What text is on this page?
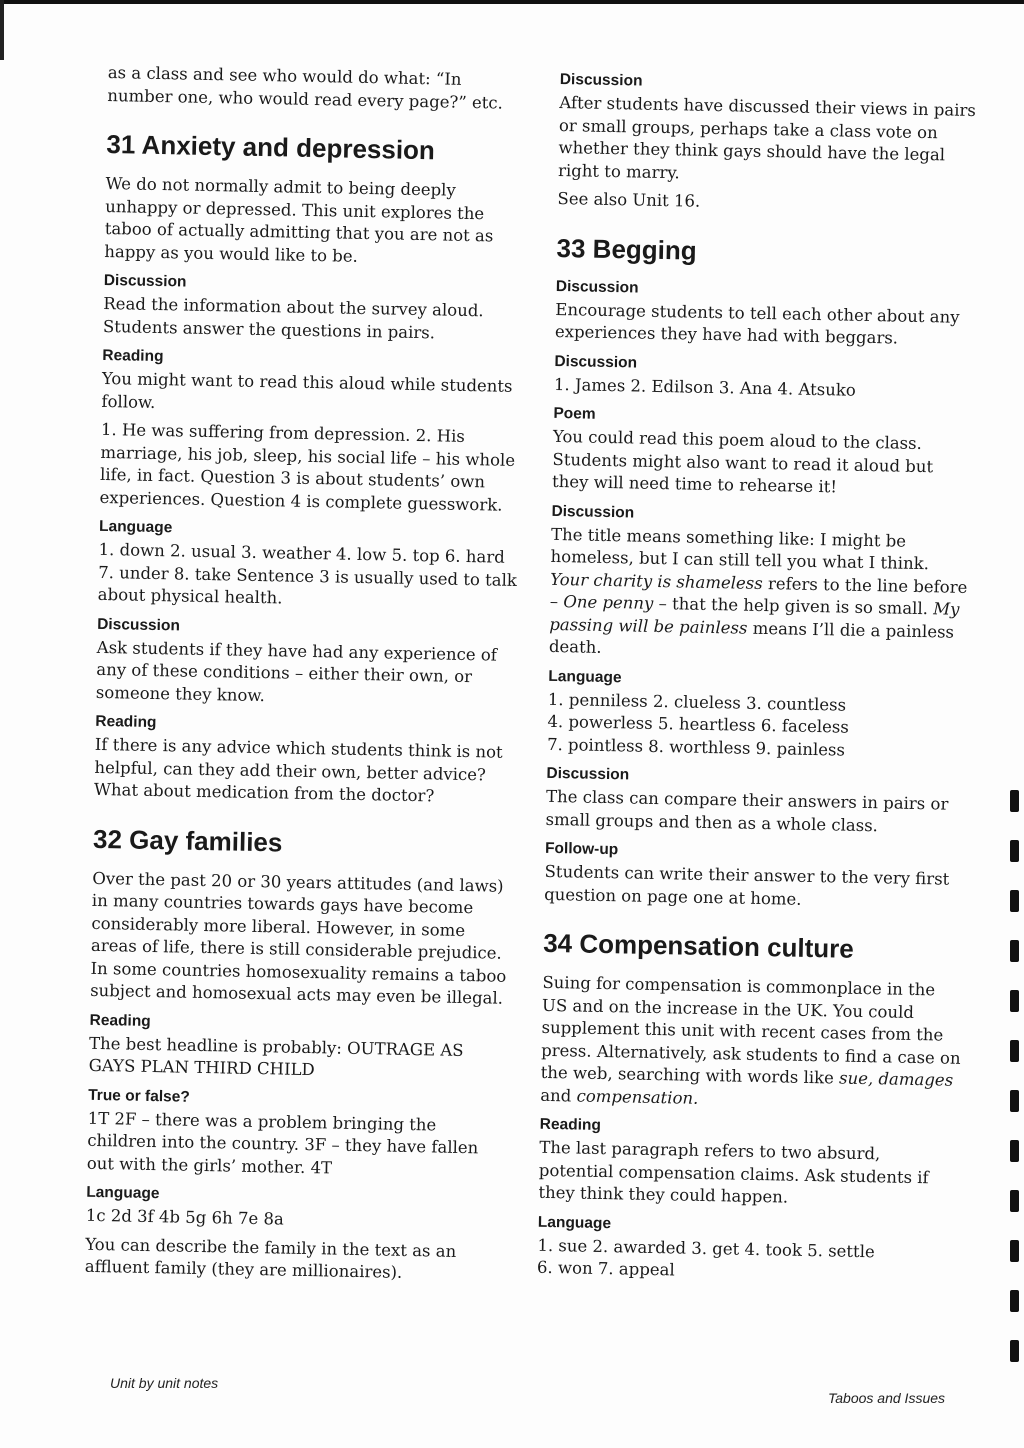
as a class and see who would do what: “In number one, who would read every page?” etc.

31 Anxiety and depression

We do not normally admit to being deeply unhappy or depressed. This unit explores the taboo of actually admitting that you are not as happy as you would like to be.

Discussion

Read the information about the survey aloud. Students answer the questions in pairs.

Reading

You might want to read this aloud while students follow.

1. He was suffering from depression. 2. His marriage, his job, sleep, his social life – his whole life, in fact. Question 3 is about students’ own experiences. Question 4 is complete guesswork.

Language

1. down 2. usual 3. weather 4. low 5. top 6. hard 7. under 8. take Sentence 3 is usually used to talk about physical health.

Discussion

Ask students if they have had any experience of any of these conditions – either their own, or someone they know.

Reading

If there is any advice which students think is not helpful, can they add their own, better advice? What about medication from the doctor?

32 Gay families

Over the past 20 or 30 years attitudes (and laws) in many countries towards gays have become considerably more liberal. However, in some areas of life, there is still considerable prejudice. In some countries homosexuality remains a taboo subject and homosexual acts may even be illegal.

Reading

The best headline is probably: OUTRAGE AS GAYS PLAN THIRD CHILD

True or false?

1T 2F – there was a problem bringing the children into the country. 3F – they have fallen out with the girls’ mother. 4T

Language

1c 2d 3f 4b 5g 6h 7e 8a

You can describe the family in the text as an affluent family (they are millionaires).

Discussion

After students have discussed their views in pairs or small groups, perhaps take a class vote on whether they think gays should have the legal right to marry.

See also Unit 16.

33 Begging
Discussion

Encourage students to tell each other about any experiences they have had with beggars.

Discussion

1. James 2. Edilson 3. Ana 4. Atsuko

Poem

You could read this poem aloud to the class. Students might also want to read it aloud but they will need time to rehearse it!

Discussion

The title means something like: I might be homeless, but I can still tell you what I think. Your charity is shameless refers to the line before – One penny – that the help given is so small. My passing will be painless means I’ll die a painless death.

Language

1. penniless 2. clueless 3. countless
4. powerless 5. heartless 6. faceless
7. pointless 8. worthless 9. painless

Discussion

The class can compare their answers in pairs or small groups and then as a whole class.

Follow-up

Students can write their answer to the very first question on page one at home.

34 Compensation culture

Suing for compensation is commonplace in the US and on the increase in the UK. You could supplement this unit with recent cases from the press. Alternatively, ask students to find a case on the web, searching with words like sue, damages and compensation.

Reading

The last paragraph refers to two absurd, potential compensation claims. Ask students if they think they could happen.

Language

1. sue 2. awarded 3. get 4. took 5. settle
6. won 7. appeal

Unit by unit notes
Taboos and Issues
